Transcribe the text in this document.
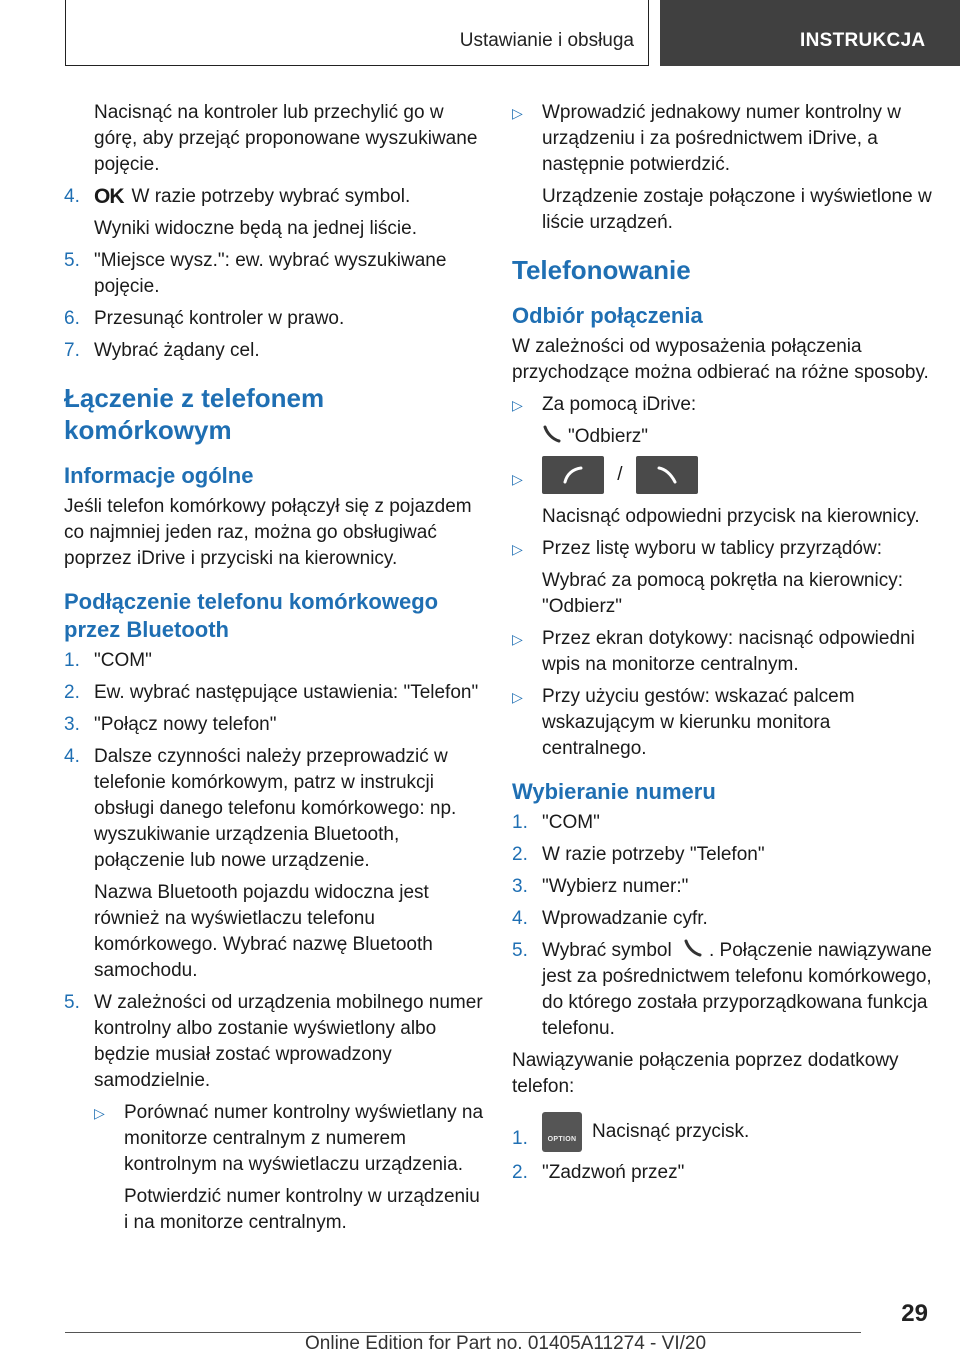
Ustawianie i obsługa	INSTRUKCJA
Nacisnąć na kontroler lub przechylić go w górę, aby przejąć proponowane wyszukiwane pojęcie.
4. OK W razie potrzeby wybrać symbol.
Wyniki widoczne będą na jednej liście.
5. "Miejsce wysz.": ew. wybrać wyszukiwane pojęcie.
6. Przesunąć kontroler w prawo.
7. Wybrać żądany cel.
Łączenie z telefonem komórkowym
Informacje ogólne
Jeśli telefon komórkowy połączył się z pojazdem co najmniej jeden raz, można go obsługiwać poprzez iDrive i przyciski na kierownicy.
Podłączenie telefonu komórkowego przez Bluetooth
1. "COM"
2. Ew. wybrać następujące ustawienia: "Telefon"
3. "Połącz nowy telefon"
4. Dalsze czynności należy przeprowadzić w telefonie komórkowym, patrz w instrukcji obsługi danego telefonu komórkowego: np. wyszukiwanie urządzenia Bluetooth, połączenie lub nowe urządzenie.
Nazwa Bluetooth pojazdu widoczna jest również na wyświetlaczu telefonu komórkowego. Wybrać nazwę Bluetooth samochodu.
5. W zależności od urządzenia mobilnego numer kontrolny albo zostanie wyświetlony albo będzie musiał zostać wprowadzony samodzielnie.
▷ Porównać numer kontrolny wyświetlany na monitorze centralnym z numerem kontrolnym na wyświetlaczu urządzenia.
Potwierdzić numer kontrolny w urządzeniu i na monitorze centralnym.
▷ Wprowadzić jednakowy numer kontrolny w urządzeniu i za pośrednictwem iDrive, a następnie potwierdzić.
Urządzenie zostaje połączone i wyświetlone w liście urządzeń.
Telefonowanie
Odbiór połączenia
W zależności od wyposażenia połączenia przychodzące można odbierać na różne sposoby.
▷ Za pomocą iDrive:
"Odbierz"
▷	/
Nacisnąć odpowiedni przycisk na kierownicy.
▷ Przez listę wyboru w tablicy przyrządów:
Wybrać za pomocą pokrętła na kierownicy: "Odbierz"
▷ Przez ekran dotykowy: nacisnąć odpowiedni wpis na monitorze centralnym.
▷ Przy użyciu gestów: wskazać palcem wskazującym w kierunku monitora centralnego.
Wybieranie numeru
1. "COM"
2. W razie potrzeby "Telefon"
3. "Wybierz numer:"
4. Wprowadzanie cyfr.
5. Wybrać symbol . Połączenie nawiązywane jest za pośrednictwem telefonu komórkowego, do którego została przyporządkowana funkcja telefonu.
Nawiązywanie połączenia poprzez dodatkowy telefon:
1.	OPTION Nacisnąć przycisk.
2. "Zadzwoń przez"
29
Online Edition for Part no. 01405A11274 - VI/20
